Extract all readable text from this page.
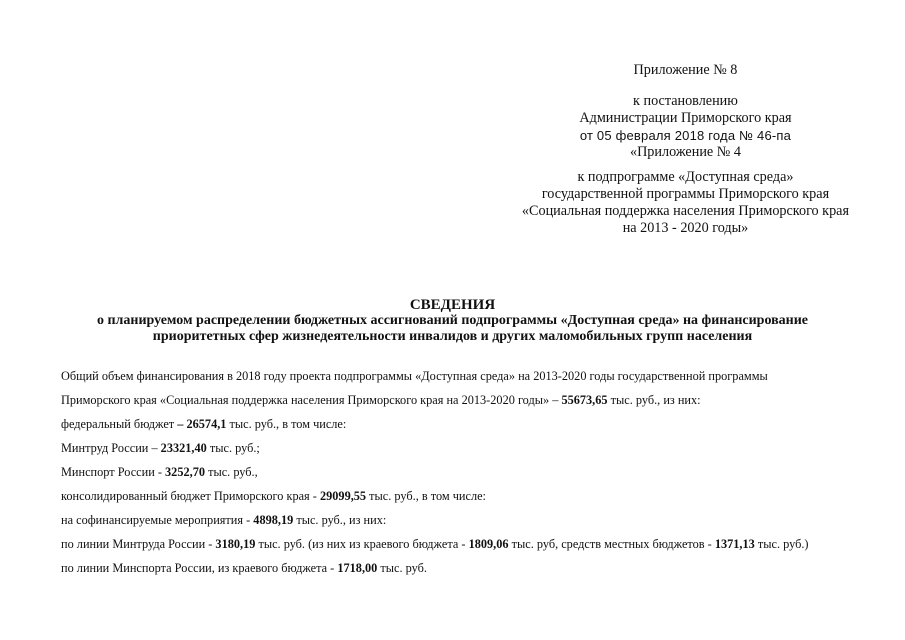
Приложение № 8
к постановлению
Администрации Приморского края
от 05 февраля 2018 года № 46-па
«Приложение № 4
к подпрограмме «Доступная среда»
государственной программы Приморского края
«Социальная поддержка населения Приморского края
на 2013 - 2020 годы»
СВЕДЕНИЯ
о планируемом распределении бюджетных ассигнований подпрограммы «Доступная среда» на финансирование
приоритетных сфер жизнедеятельности инвалидов и других маломобильных групп населения
Общий объем финансирования в 2018 году проекта подпрограммы «Доступная среда» на 2013-2020 годы государственной программы
Приморского края «Социальная поддержка населения Приморского края на 2013-2020 годы» – 55673,65 тыс. руб., из них:
федеральный бюджет – 26574,1 тыс. руб., в том числе:
Минтруд России – 23321,40 тыс. руб.;
Минспорт России - 3252,70 тыс. руб.,
консолидированный бюджет Приморского края - 29099,55 тыс. руб., в том числе:
на софинансируемые мероприятия - 4898,19 тыс. руб., из них:
по линии Минтруда России - 3180,19 тыс. руб. (из них из краевого бюджета - 1809,06 тыс. руб, средств местных бюджетов - 1371,13 тыс. руб.)
по линии Минспорта России, из краевого бюджета - 1718,00 тыс. руб.
